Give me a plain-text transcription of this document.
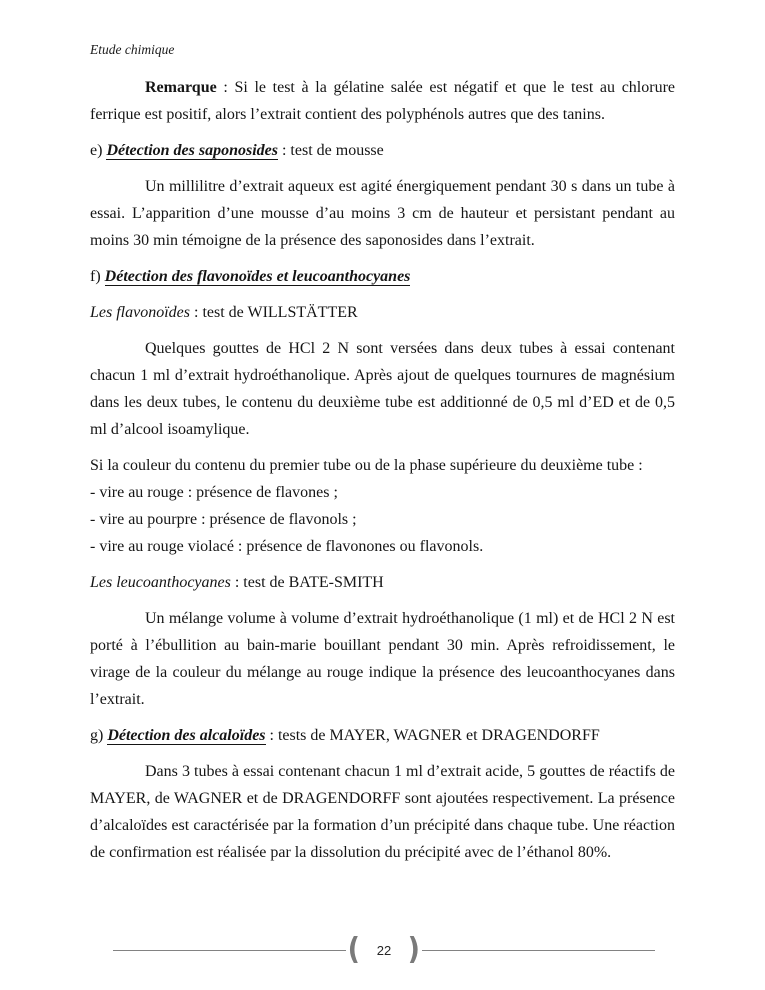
Etude chimique

Remarque : Si le test à la gélatine salée est négatif et que le test au chlorure ferrique est positif, alors l’extrait contient des polyphénols autres que des tanins.

e) Détection des saponosides : test de mousse

Un millilitre d’extrait aqueux est agité énergiquement pendant 30 s dans un tube à essai. L’apparition d’une mousse d’au moins 3 cm de hauteur et persistant pendant au moins 30 min témoigne de la présence des saponosides dans l’extrait.

f) Détection des flavonoïdes et leucoanthocyanes

Les flavonoïdes : test de WILLSTÄTTER

Quelques gouttes de HCl 2 N sont versées dans deux tubes à essai contenant chacun 1 ml d’extrait hydroéthanolique. Après ajout de quelques tournures de magnésium dans les deux tubes, le contenu du deuxième tube est additionné de 0,5 ml d’ED et de 0,5 ml d’alcool isoamylique.

Si la couleur du contenu du premier tube ou de la phase supérieure du deuxième tube :

- vire au rouge : présence de flavones ;

- vire au pourpre : présence de flavonols ;

- vire au rouge violacé : présence de flavonones ou flavonols.

Les leucoanthocyanes : test de BATE-SMITH

Un mélange volume à volume d’extrait hydroéthanolique (1 ml) et de HCl 2 N est porté à l’ébullition au bain-marie bouillant pendant 30 min. Après refroidissement, le virage de la couleur du mélange au rouge indique la présence des leucoanthocyanes dans l’extrait.

g) Détection des alcaloïdes : tests de MAYER, WAGNER et DRAGENDORFF

Dans 3 tubes à essai contenant chacun 1 ml d’extrait acide, 5 gouttes de réactifs de MAYER, de WAGNER et de DRAGENDORFF sont ajoutées respectivement. La présence d’alcaloïdes est caractérisée par la formation d’un précipité dans chaque tube. Une réaction de confirmation est réalisée par la dissolution du précipité avec de l’éthanol 80%.

( 22 )
